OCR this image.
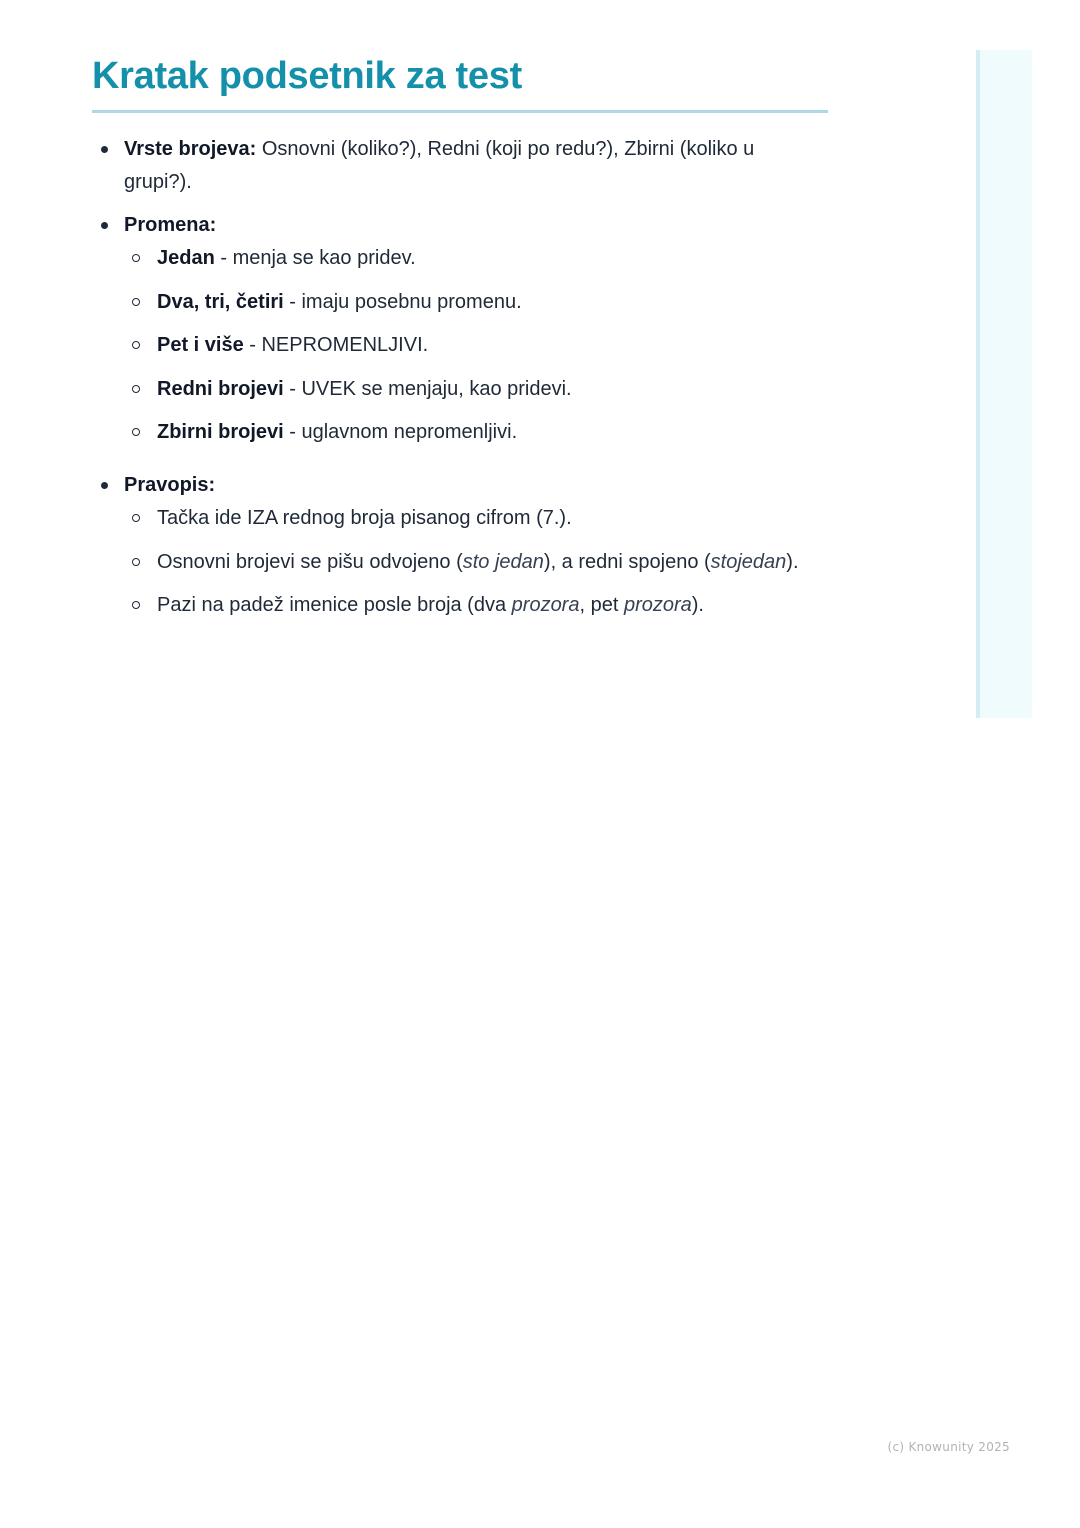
Kratak podsetnik za test
Vrste brojeva: Osnovni (koliko?), Redni (koji po redu?), Zbirni (koliko u grupi?).
Promena:
Jedan - menja se kao pridev.
Dva, tri, četiri - imaju posebnu promenu.
Pet i više - NEPROMENLJIVI.
Redni brojevi - UVEK se menjaju, kao pridevi.
Zbirni brojevi - uglavnom nepromenljivi.
Pravopis:
Tačka ide IZA rednog broja pisanog cifrom (7.).
Osnovni brojevi se pišu odvojeno (sto jedan), a redni spojeno (stojedan).
Pazi na padež imenice posle broja (dva prozora, pet prozora).
(c) Knowunity 2025
